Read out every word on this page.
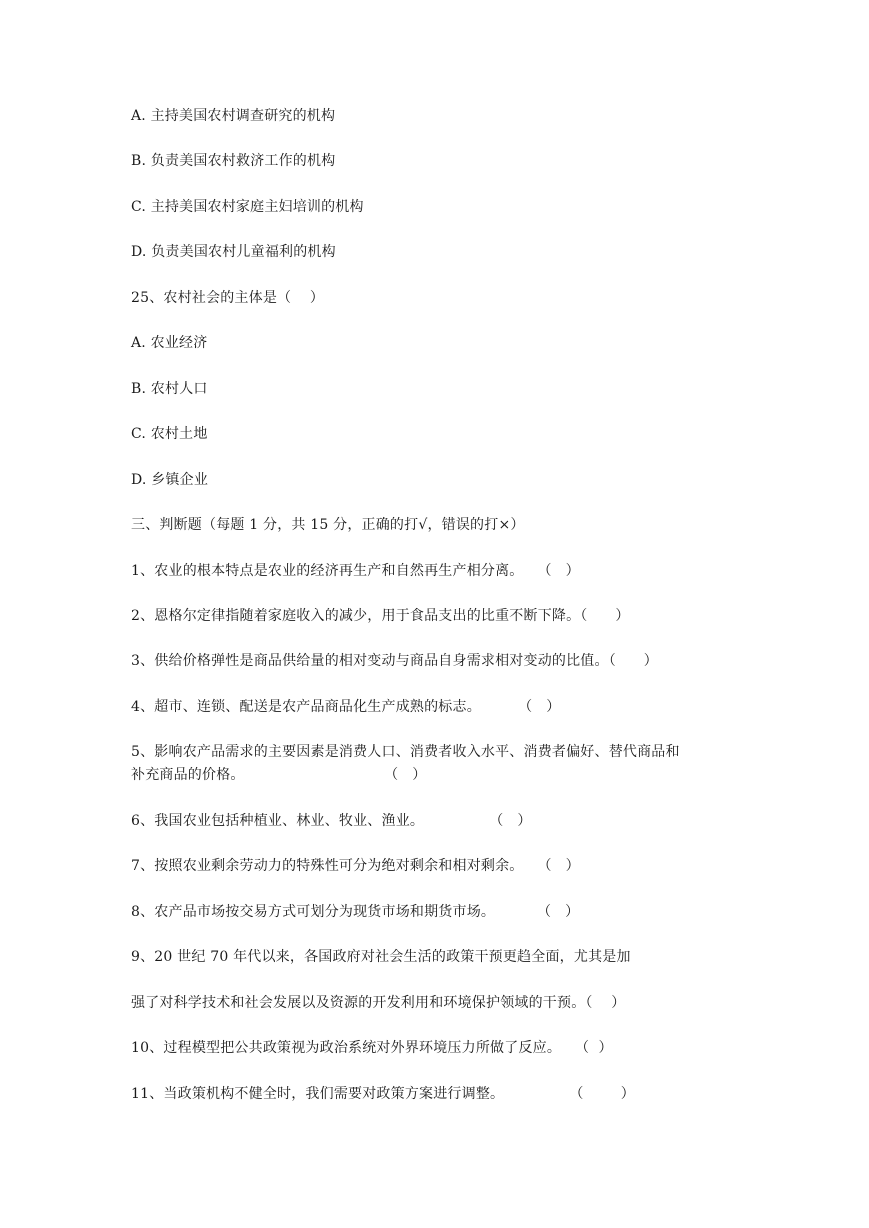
A. 主持美国农村调查研究的机构
B. 负责美国农村救济工作的机构
C. 主持美国农村家庭主妇培训的机构
D. 负责美国农村儿童福利的机构
25、农村社会的主体是（    ）
A. 农业经济
B. 农村人口
C. 农村土地
D. 乡镇企业
三、判断题（每题 1 分，共 15 分，正确的打√，错误的打×）
1、农业的根本特点是农业的经济再生产和自然再生产相分离。   （   ）
2、恩格尔定律指随着家庭收入的减少，用于食品支出的比重不断下降。（      ）
3、供给价格弹性是商品供给量的相对变动与商品自身需求相对变动的比值。（      ）
4、超市、连锁、配送是农产品商品化生产成熟的标志。        （   ）
5、影响农产品需求的主要因素是消费人口、消费者收入水平、消费者偏好、替代商品和
补充商品的价格。                              （   ）
6、我国农业包括种植业、林业、牧业、渔业。              （   ）
7、按照农业剩余劳动力的特殊性可分为绝对剩余和相对剩余。   （   ）
8、农产品市场按交易方式可划分为现货市场和期货市场。         （   ）
9、20 世纪 70 年代以来，各国政府对社会生活的政策干预更趋全面，尤其是加
强了对科学技术和社会发展以及资源的开发利用和环境保护领域的干预。（    ）
10、过程模型把公共政策视为政治系统对外界环境压力所做了反应。   （  ）
11、当政策机构不健全时，我们需要对政策方案进行调整。              （        ）
